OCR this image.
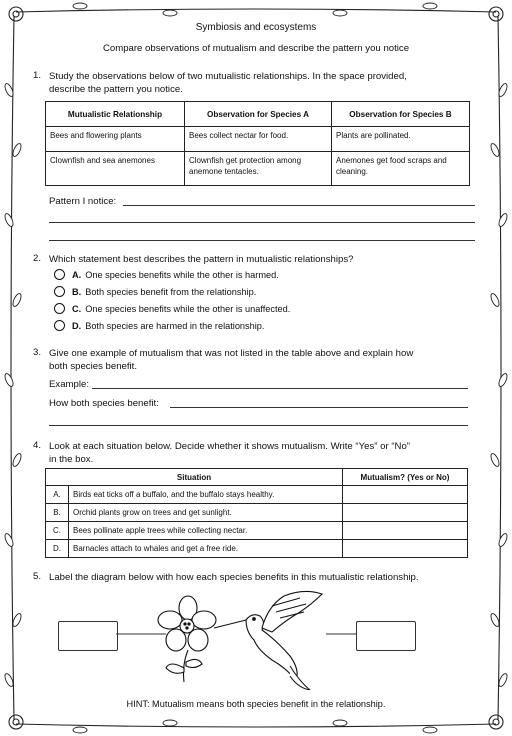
Symbiosis and ecosystems
Compare observations of mutualism and describe the pattern you notice
1. Study the observations below of two mutualistic relationships. In the space provided,
describe the pattern you notice.
Mutualistic Relationship	Observation for Species A	Observation for Species B
Bees and flowering plants	Bees collect nectar for food.	Plants are pollinated.
Clownfish and sea anemones	Clownfish get protection among anemone tentacles.	Anemones get food scraps and cleaning.
Pattern I notice:
2. Which statement best describes the pattern in mutualistic relationships?
A. One species benefits while the other is harmed.
B. Both species benefit from the relationship.
C. One species benefits while the other is unaffected.
D. Both species are harmed in the relationship.
3. Give one example of mutualism that was not listed in the table above and explain how
both species benefit.
Example:
How both species benefit:
4. Look at each situation below. Decide whether it shows mutualism. Write “Yes” or “No”
in the box.
Situation		Mutualism? (Yes or No)
A.	Birds eat ticks off a buffalo, and the buffalo stays healthy.	
B.	Orchid plants grow on trees and get sunlight.	
C.	Bees pollinate apple trees while collecting nectar.	
D.	Barnacles attach to whales and get a free ride.	
5. Label the diagram below with how each species benefits in this mutualistic relationship.
HINT: Mutualism means both species benefit in the relationship.
